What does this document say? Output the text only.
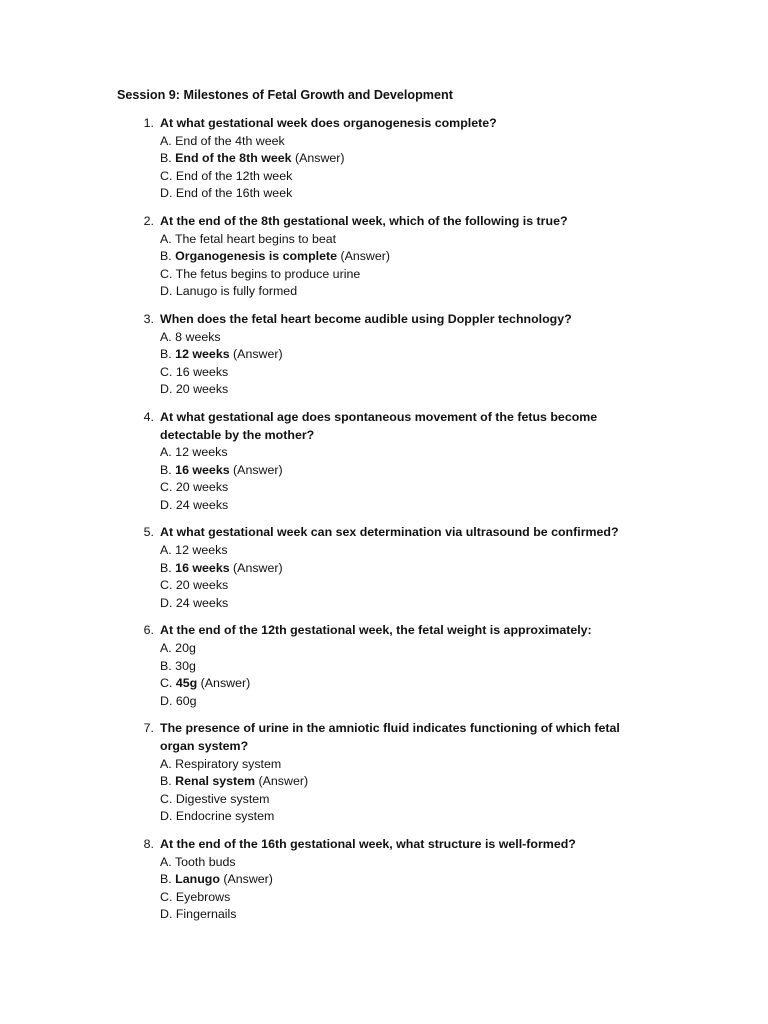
Session 9: Milestones of Fetal Growth and Development
1. At what gestational week does organogenesis complete?
A. End of the 4th week
B. End of the 8th week (Answer)
C. End of the 12th week
D. End of the 16th week
2. At the end of the 8th gestational week, which of the following is true?
A. The fetal heart begins to beat
B. Organogenesis is complete (Answer)
C. The fetus begins to produce urine
D. Lanugo is fully formed
3. When does the fetal heart become audible using Doppler technology?
A. 8 weeks
B. 12 weeks (Answer)
C. 16 weeks
D. 20 weeks
4. At what gestational age does spontaneous movement of the fetus become detectable by the mother?
A. 12 weeks
B. 16 weeks (Answer)
C. 20 weeks
D. 24 weeks
5. At what gestational week can sex determination via ultrasound be confirmed?
A. 12 weeks
B. 16 weeks (Answer)
C. 20 weeks
D. 24 weeks
6. At the end of the 12th gestational week, the fetal weight is approximately:
A. 20g
B. 30g
C. 45g (Answer)
D. 60g
7. The presence of urine in the amniotic fluid indicates functioning of which fetal organ system?
A. Respiratory system
B. Renal system (Answer)
C. Digestive system
D. Endocrine system
8. At the end of the 16th gestational week, what structure is well-formed?
A. Tooth buds
B. Lanugo (Answer)
C. Eyebrows
D. Fingernails
